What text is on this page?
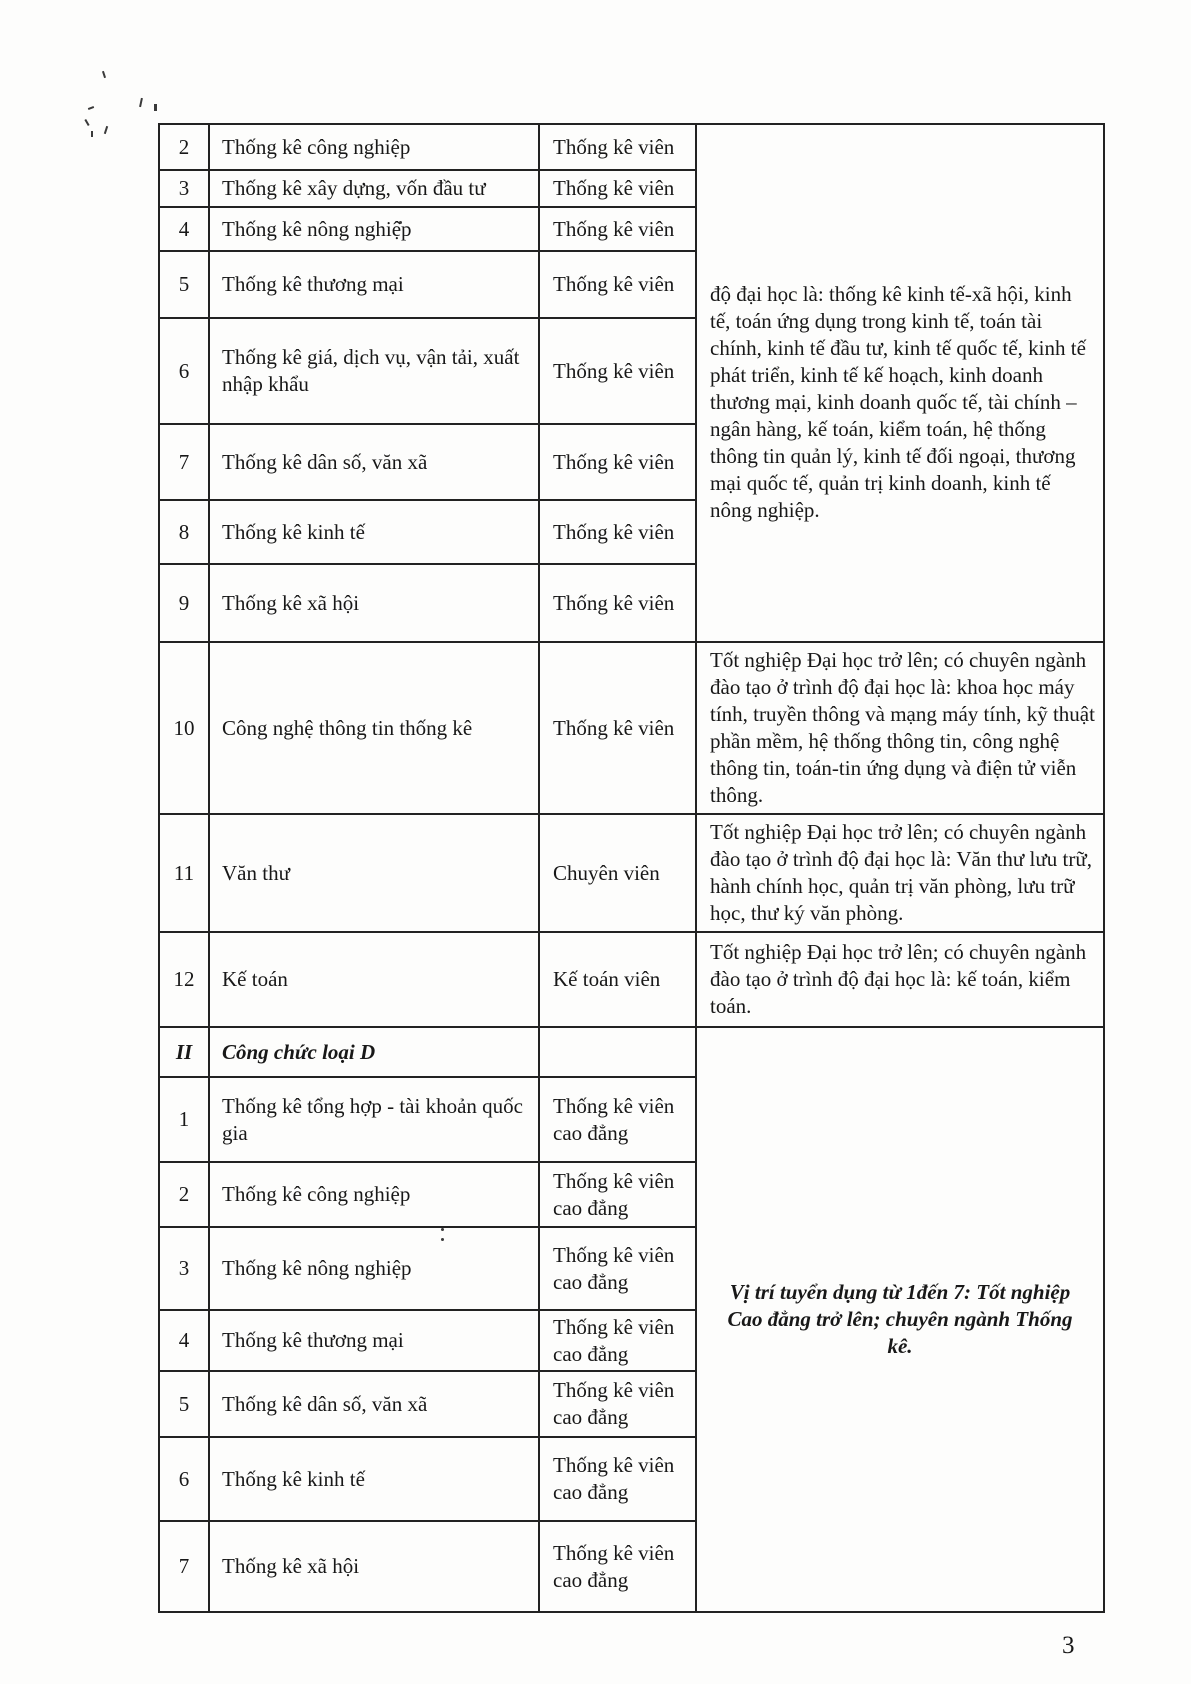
2	Thống kê công nghiệp	Thống kê viên	độ đại học là: thống kê kinh tế-xã hội, kinh tế, toán ứng dụng trong kinh tế, toán tài chính, kinh tế đầu tư, kinh tế quốc tế, kinh tế phát triển, kinh tế kế hoạch, kinh doanh thương mại, kinh doanh quốc tế, tài chính – ngân hàng, kế toán, kiểm toán, hệ thống thông tin quản lý, kinh tế đối ngoại, thương mại quốc tế, quản trị kinh doanh, kinh tế nông nghiệp.
3	Thống kê xây dựng, vốn đầu tư	Thống kê viên	
4	Thống kê nông nghiệp	Thống kê viên	
5	Thống kê thương mại	Thống kê viên	
6	Thống kê giá, dịch vụ, vận tải, xuất nhập khẩu	Thống kê viên	
7	Thống kê dân số, văn xã	Thống kê viên	
8	Thống kê kinh tế	Thống kê viên	
9	Thống kê xã hội	Thống kê viên	
10	Công nghệ thông tin thống kê	Thống kê viên	Tốt nghiệp Đại học trở lên; có chuyên ngành đào tạo ở trình độ đại học là: khoa học máy tính, truyền thông và mạng máy tính, kỹ thuật phần mềm, hệ thống thông tin, công nghệ thông tin, toán-tin ứng dụng và điện tử viễn thông.
11	Văn thư	Chuyên viên	Tốt nghiệp Đại học trở lên; có chuyên ngành đào tạo ở trình độ đại học là: Văn thư lưu trữ, hành chính học, quản trị văn phòng, lưu trữ học, thư ký văn phòng.
12	Kế toán	Kế toán viên	Tốt nghiệp Đại học trở lên; có chuyên ngành đào tạo ở trình độ đại học là: kế toán, kiểm toán.
II	Công chức loại D		Vị trí tuyển dụng từ 1đến 7: Tốt nghiệp Cao đẳng trở lên; chuyên ngành Thống kê.
1	Thống kê tổng hợp - tài khoản quốc gia	Thống kê viên cao đẳng	
2	Thống kê công nghiệp	Thống kê viên cao đẳng	
3	Thống kê nông nghiệp	Thống kê viên cao đẳng	
4	Thống kê thương mại	Thống kê viên cao đẳng	
5	Thống kê dân số, văn xã	Thống kê viên cao đẳng	
6	Thống kê kinh tế	Thống kê viên cao đẳng	
7	Thống kê xã hội	Thống kê viên cao đẳng	
3
